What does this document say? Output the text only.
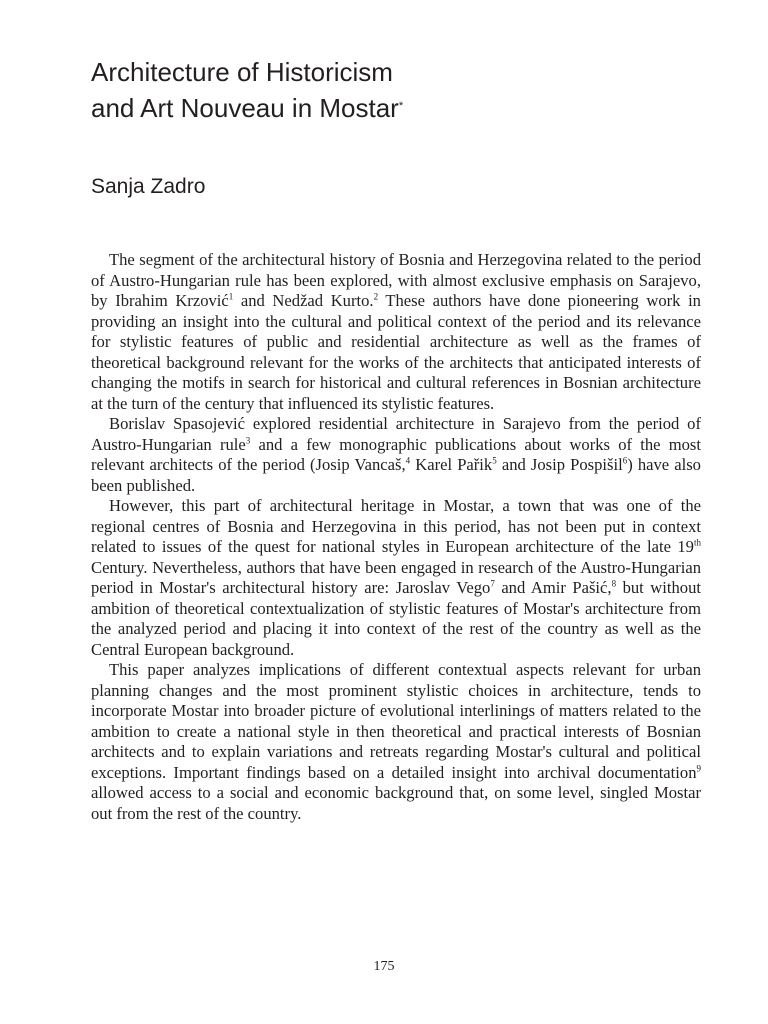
Architecture of Historicism
and Art Nouveau in Mostar*
Sanja Zadro

The segment of the architectural history of Bosnia and Herzegovina related to the period of Austro-Hungarian rule has been explored, with almost exclusive emphasis on Sarajevo, by Ibrahim Krzović$^1$ and Nedžad Kurto.$^2$ These authors have done pioneering work in providing an insight into the cultural and political context of the period and its relevance for stylistic features of public and residential architecture as well as the frames of theoretical background relevant for the works of the architects that anticipated interests of changing the motifs in search for historical and cultural references in Bosnian architecture at the turn of the century that influenced its stylistic features.

Borislav Spasojević explored residential architecture in Sarajevo from the period of Austro-Hungarian rule$^3$ and a few monographic publications about works of the most relevant architects of the period (Josip Vancaš,$^4$ Karel Pařik$^5$ and Josip Pospišil$^6$) have also been published.

However, this part of architectural heritage in Mostar, a town that was one of the regional centres of Bosnia and Herzegovina in this period, has not been put in context related to issues of the quest for national styles in European architecture of the late 19th Century. Nevertheless, authors that have been engaged in research of the Austro-Hungarian period in Mostar's architectural history are: Jaroslav Vego$^7$ and Amir Pašić,$^8$ but without ambition of theoretical contextualization of stylistic features of Mostar's architecture from the analyzed period and placing it into context of the rest of the country as well as the Central European background.

This paper analyzes implications of different contextual aspects relevant for urban planning changes and the most prominent stylistic choices in architecture, tends to incorporate Mostar into broader picture of evolutional interlinings of matters related to the ambition to create a national style in then theoretical and practical interests of Bosnian architects and to explain variations and retreats regarding Mostar's cultural and political exceptions. Important findings based on a detailed insight into archival documentation$^9$ allowed access to a social and economic background that, on some level, singled Mostar out from the rest of the country.

175
